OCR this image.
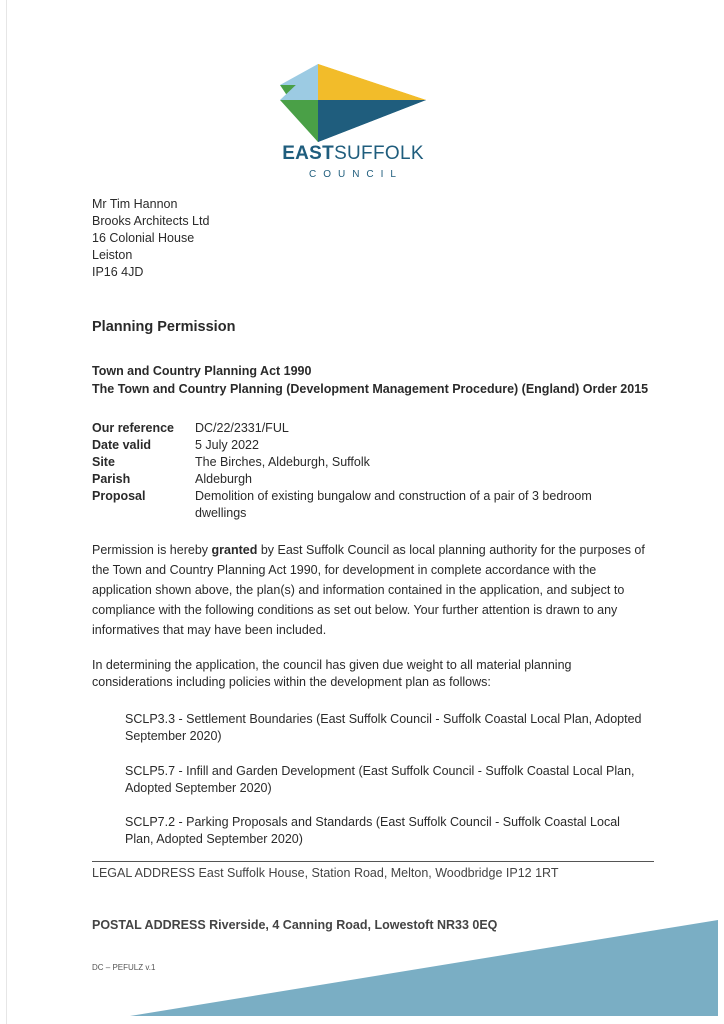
EASTSUFFOLK
COUNCIL
Mr Tim Hannon
Brooks Architects Ltd
16 Colonial House
Leiston
IP16 4JD
Planning Permission
Town and Country Planning Act 1990
The Town and Country Planning (Development Management Procedure) (England) Order 2015
Our reference	DC/22/2331/FUL
Date valid	5 July 2022
Site	The Birches, Aldeburgh, Suffolk
Parish	Aldeburgh
Proposal	Demolition of existing bungalow and construction of a pair of 3 bedroom dwellings
Permission is hereby granted by East Suffolk Council as local planning authority for the purposes of the Town and Country Planning Act 1990, for development in complete accordance with the application shown above, the plan(s) and information contained in the application, and subject to compliance with the following conditions as set out below. Your further attention is drawn to any informatives that may have been included.
In determining the application, the council has given due weight to all material planning considerations including policies within the development plan as follows:
SCLP3.3 - Settlement Boundaries (East Suffolk Council - Suffolk Coastal Local Plan, Adopted September 2020)
SCLP5.7 - Infill and Garden Development (East Suffolk Council - Suffolk Coastal Local Plan, Adopted September 2020)
SCLP7.2 - Parking Proposals and Standards (East Suffolk Council - Suffolk Coastal Local Plan, Adopted September 2020)
LEGAL ADDRESS East Suffolk House, Station Road, Melton, Woodbridge IP12 1RT
POSTAL ADDRESS Riverside, 4 Canning Road, Lowestoft NR33 0EQ
DC – PEFULZ v.1
